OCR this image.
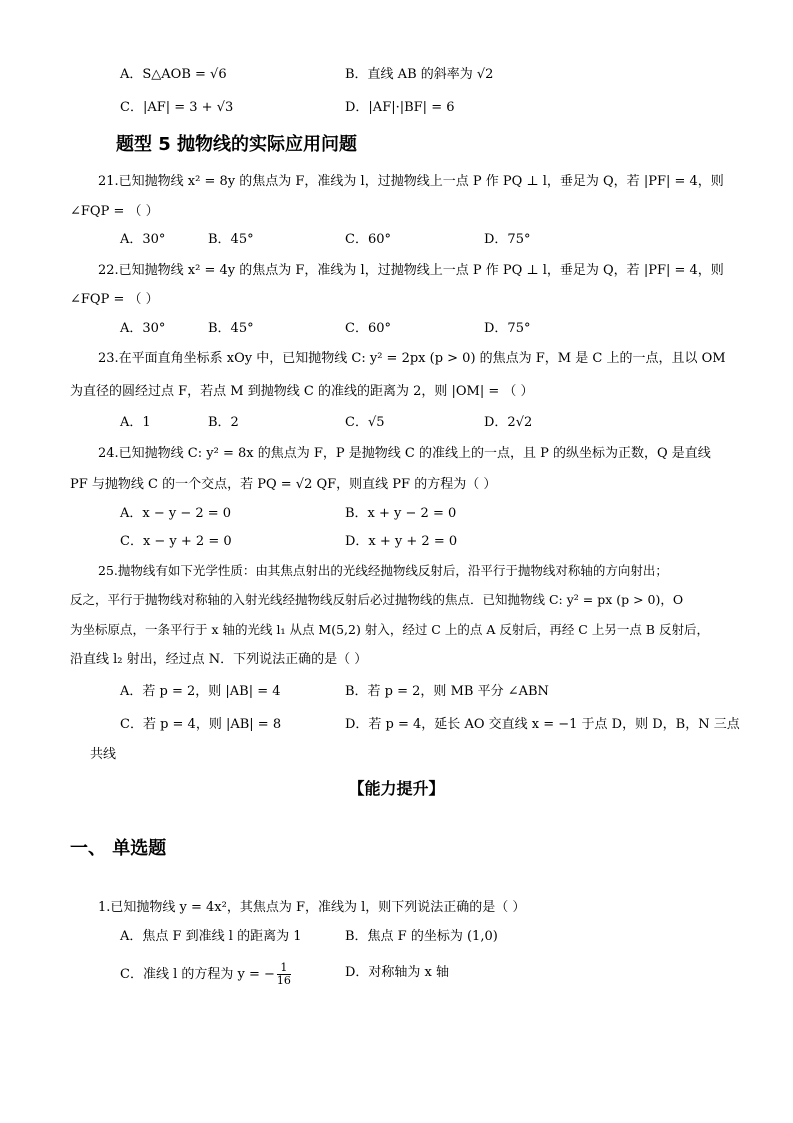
A．S△AOB = √6	B．直线 AB 的斜率为 √2
C．|AF| = 3 + √3	D．|AF|·|BF| = 6
题型 5 抛物线的实际应用问题
21.已知抛物线 x² = 8y 的焦点为 F，准线为 l，过抛物线上一点 P 作 PQ ⊥ l，垂足为 Q，若 |PF| = 4，则
∠FQP = （ ）
A．30°	B．45°	C．60°	D．75°
22.已知抛物线 x² = 4y 的焦点为 F，准线为 l，过抛物线上一点 P 作 PQ ⊥ l，垂足为 Q，若 |PF| = 4，则
∠FQP = （ ）
A．30°	B．45°	C．60°	D．75°
23.在平面直角坐标系 xOy 中，已知抛物线 C: y² = 2px (p > 0) 的焦点为 F，M 是 C 上的一点，且以 OM
为直径的圆经过点 F，若点 M 到抛物线 C 的准线的距离为 2，则 |OM| = （ ）
A．1	B．2	C．√5	D．2√2
24.已知抛物线 C: y² = 8x 的焦点为 F，P 是抛物线 C 的准线上的一点，且 P 的纵坐标为正数，Q 是直线
PF 与抛物线 C 的一个交点，若 PQ = √2 QF，则直线 PF 的方程为（ ）
A．x − y − 2 = 0	B．x + y − 2 = 0
C．x − y + 2 = 0	D．x + y + 2 = 0
25.抛物线有如下光学性质：由其焦点射出的光线经抛物线反射后，沿平行于抛物线对称轴的方向射出；
反之，平行于抛物线对称轴的入射光线经抛物线反射后必过抛物线的焦点．已知抛物线 C: y² = px (p > 0)，O
为坐标原点，一条平行于 x 轴的光线 l₁ 从点 M(5,2) 射入，经过 C 上的点 A 反射后，再经 C 上另一点 B 反射后，
沿直线 l₂ 射出，经过点 N．下列说法正确的是（ ）
A．若 p = 2，则 |AB| = 4	B．若 p = 2，则 MB 平分 ∠ABN
C．若 p = 4，则 |AB| = 8	D．若 p = 4，延长 AO 交直线 x = −1 于点 D，则 D，B，N 三点
共线
【能力提升】
一、 单选题
1.已知抛物线 y = 4x²，其焦点为 F，准线为 l，则下列说法正确的是（ ）
A．焦点 F 到准线 l 的距离为 1	B．焦点 F 的坐标为 (1,0)
C．准线 l 的方程为 y = − $\frac{1}{16}$	D．对称轴为 x 轴
